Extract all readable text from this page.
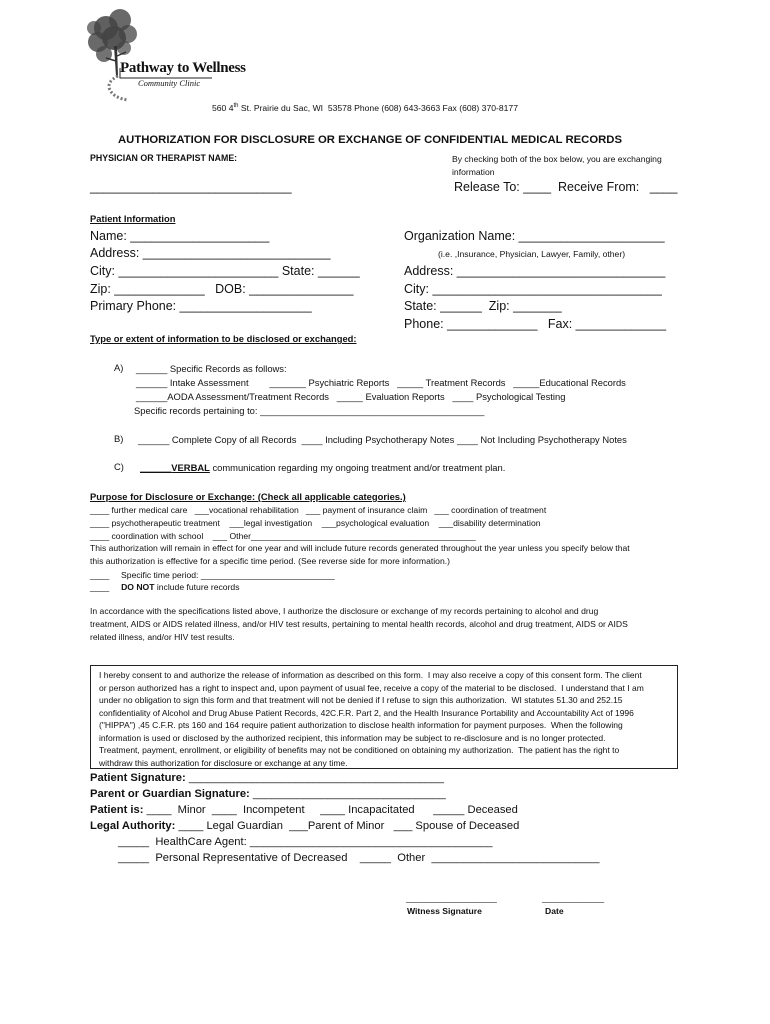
Pathway to Wellness
Community Clinic
560 4th St. Prairie du Sac, WI  53578 Phone (608) 643-3663 Fax (608) 370-8177
AUTHORIZATION FOR DISCLOSURE OR EXCHANGE OF CONFIDENTIAL MEDICAL RECORDS
PHYSICIAN OR THERAPIST NAME:
_____________________________
By checking both of the box below, you are exchanging
information
Release To: ____  Receive From:   ____
Patient Information
Name: ____________________
Address: ___________________________
City: _______________________ State: ______
Zip: _____________   DOB: _______________
Primary Phone: ___________________
Organization Name: _____________________
(i.e. ,Insurance, Physician, Lawyer, Family, other)
Address: ______________________________
City: _________________________________
State: ______  Zip: _______
Phone: _____________   Fax: _____________
Type or extent of information to be disclosed or exchanged:
A) ______ Specific Records as follows:
______ Intake Assessment        _______ Psychiatric Reports   _____ Treatment Records   _____Educational Records
______AODA Assessment/Treatment Records   _____ Evaluation Reports   ____ Psychological Testing
Specific records pertaining to: ___________________________________________
B) ______ Complete Copy of all Records  ____ Including Psychotherapy Notes ____ Not Including Psychotherapy Notes
C) ______VERBAL communication regarding my ongoing treatment and/or treatment plan.
Purpose for Disclosure or Exchange: (Check all applicable categories.)
____ further medical care   ___vocational rehabilitation   ___ payment of insurance claim   ___ coordination of treatment
____ psychotherapeutic treatment    ___legal investigation    ___psychological evaluation    ___disability determination
____ coordination with school    ___ Other_______________________________________________
This authorization will remain in effect for one year and will include future records generated throughout the year unless you specify below that
this authorization is effective for a specific time period. (See reverse side for more information.)
____     Specific time period: ____________________________
____     DO NOT include future records
In accordance with the specifications listed above, I authorize the disclosure or exchange of my records pertaining to alcohol and drug
treatment, AIDS or AIDS related illness, and/or HIV test results, pertaining to mental health records, alcohol and drug treatment, AIDS or AIDS
related illness, and/or HIV test results.
I hereby consent to and authorize the release of information as described on this form.  I may also receive a copy of this consent form. The client
or person authorized has a right to inspect and, upon payment of usual fee, receive a copy of the material to be disclosed.  I understand that I am
under no obligation to sign this form and that treatment will not be denied if I refuse to sign this authorization.  WI statutes 51.30 and 252.15
confidentiality of Alcohol and Drug Abuse Patient Records, 42C.F.R. Part 2, and the Health Insurance Portability and Accountability Act of 1996
("HIPPA") ,45 C.F.R. pts 160 and 164 require patient authorization to disclose health information for payment purposes.  When the following
information is used or disclosed by the authorized recipient, this information may be subject to re-disclosure and is no longer protected.
Treatment, payment, enrollment, or eligibility of benefits may not be conditioned on obtaining my authorization.  The patient has the right to
withdraw this authorization for disclosure or exchange at any time.
Patient Signature: _________________________________________
Parent or Guardian Signature: _______________________________
Patient is: ____  Minor  ____  Incompetent     ____ Incapacitated      _____ Deceased
Legal Authority: ____ Legal Guardian  ___Parent of Minor   ___ Spouse of Deceased
_____  HealthCare Agent: _______________________________________
_____  Personal Representative of Decreased    _____  Other  ___________________________
___________________	_____________
Witness Signature	Date
